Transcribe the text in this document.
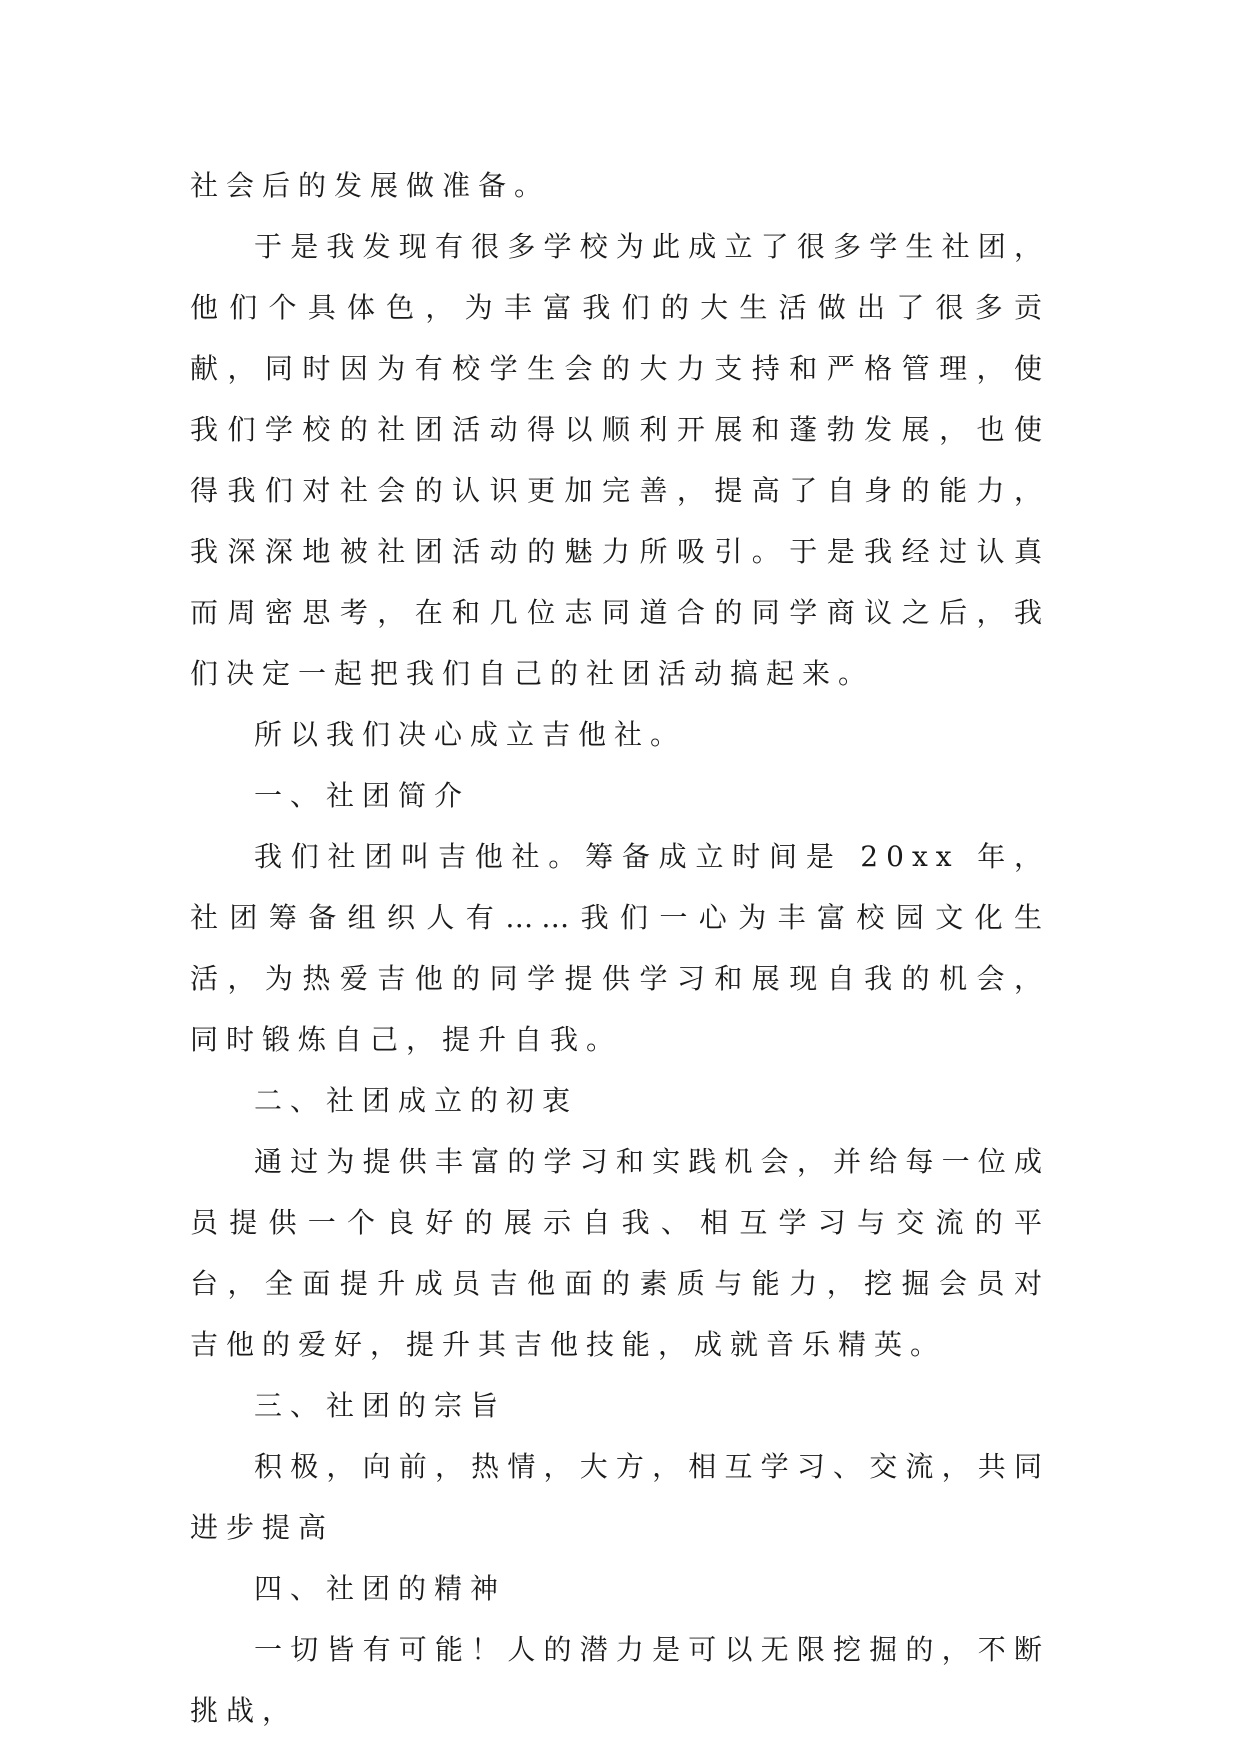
社会后的发展做准备。

于是我发现有很多学校为此成立了很多学生社团，他们个具体色，为丰富我们的大生活做出了很多贡献，同时因为有校学生会的大力支持和严格管理，使我们学校的社团活动得以顺利开展和蓬勃发展，也使得我们对社会的认识更加完善，提高了自身的能力，我深深地被社团活动的魅力所吸引。于是我经过认真而周密思考，在和几位志同道合的同学商议之后，我们决定一起把我们自己的社团活动搞起来。

所以我们决心成立吉他社。

一、社团简介

我们社团叫吉他社。筹备成立时间是 20xx 年，社团筹备组织人有……我们一心为丰富校园文化生活，为热爱吉他的同学提供学习和展现自我的机会，同时锻炼自己，提升自我。

二、社团成立的初衷

通过为提供丰富的学习和实践机会，并给每一位成员提供一个良好的展示自我、相互学习与交流的平台，全面提升成员吉他面的素质与能力，挖掘会员对吉他的爱好，提升其吉他技能，成就音乐精英。

三、社团的宗旨

积极，向前，热情，大方，相互学习、交流，共同进步提高

四、社团的精神

一切皆有可能！人的潜力是可以无限挖掘的，不断挑战，
